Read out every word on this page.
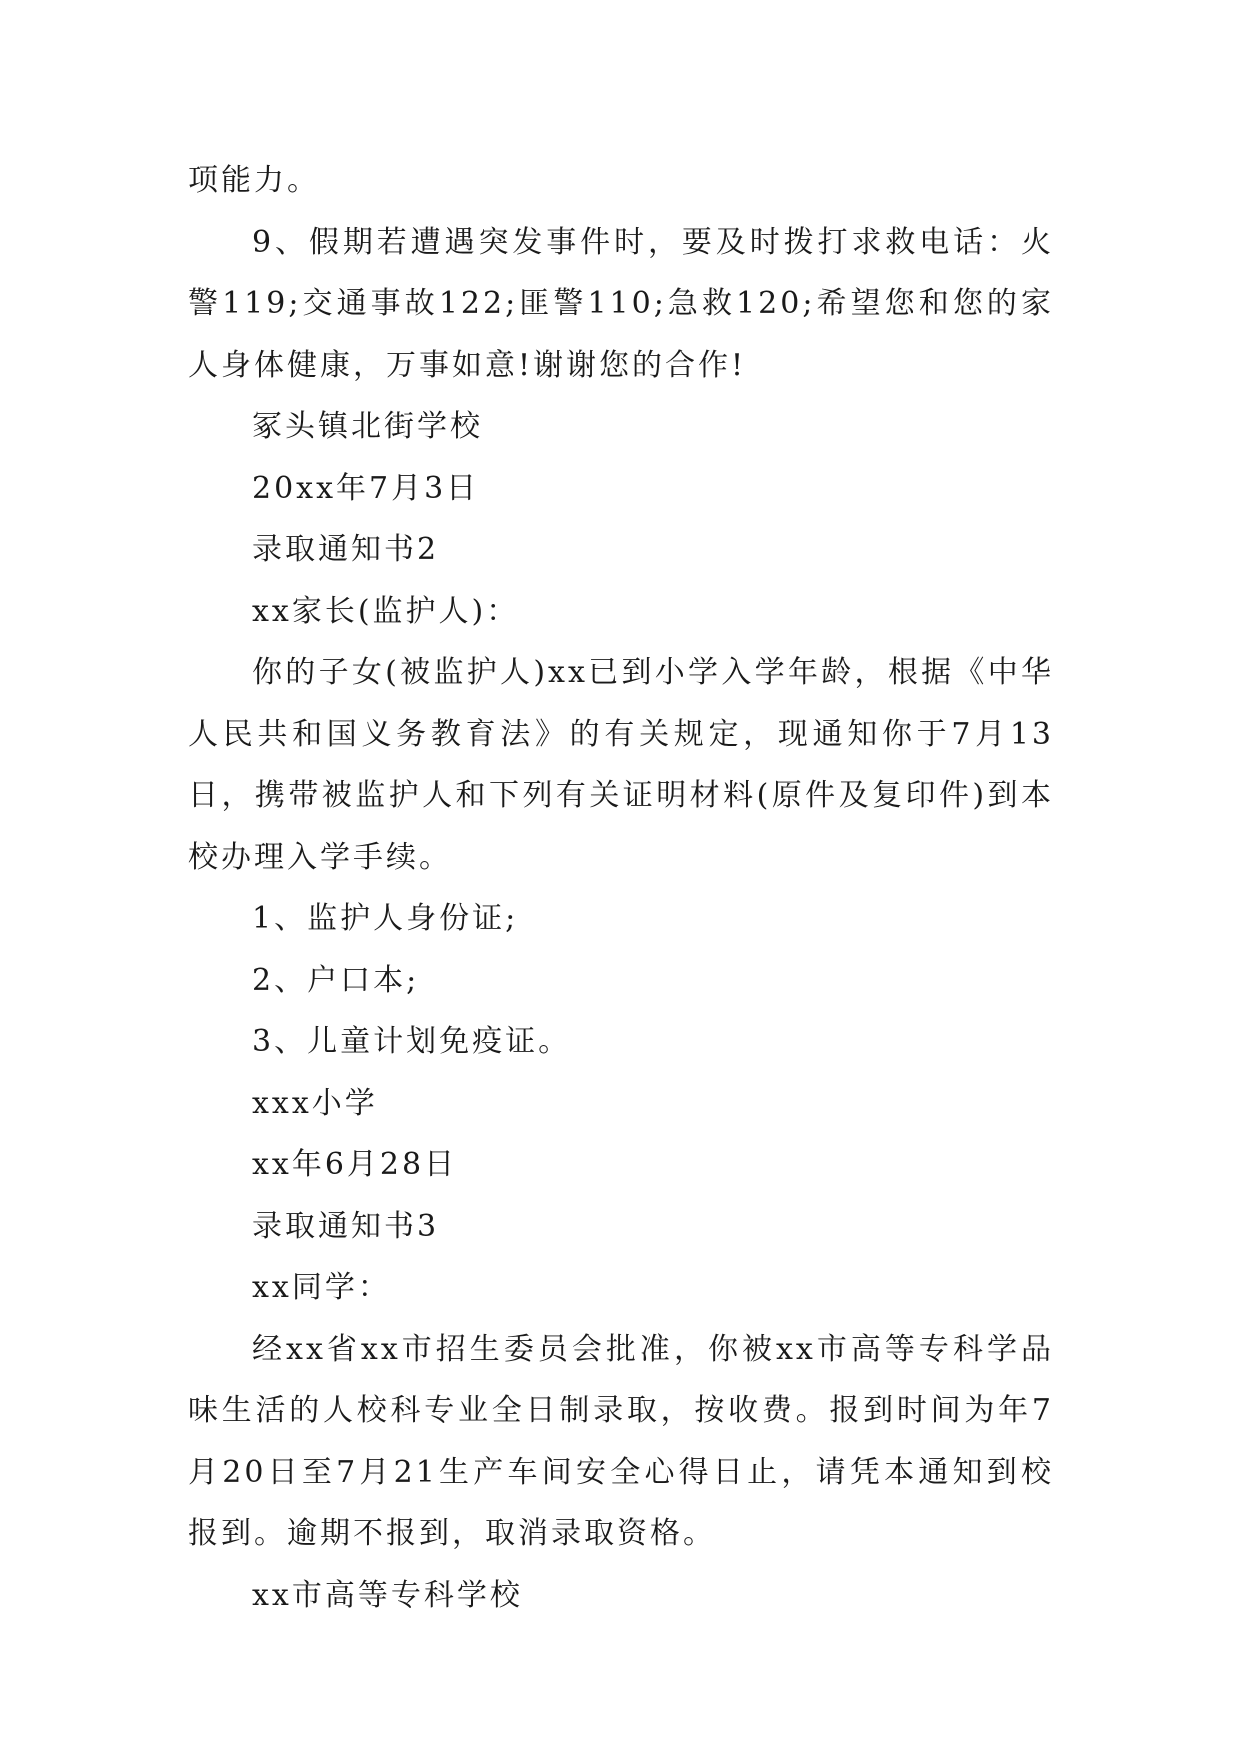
项能力。

9、假期若遭遇突发事件时，要及时拨打求救电话：火警119;交通事故122;匪警110;急救120;希望您和您的家人身体健康，万事如意!谢谢您的合作!

冢头镇北街学校

20xx年7月3日

录取通知书2

xx家长(监护人)：

你的子女(被监护人)xx已到小学入学年龄，根据《中华人民共和国义务教育法》的有关规定，现通知你于7月13日，携带被监护人和下列有关证明材料(原件及复印件)到本校办理入学手续。

1、监护人身份证;

2、户口本;

3、儿童计划免疫证。

xxx小学

xx年6月28日

录取通知书3

xx同学：

经xx省xx市招生委员会批准，你被xx市高等专科学品味生活的人校科专业全日制录取，按收费。报到时间为年7月20日至7月21生产车间安全心得日止，请凭本通知到校报到。逾期不报到，取消录取资格。

xx市高等专科学校
